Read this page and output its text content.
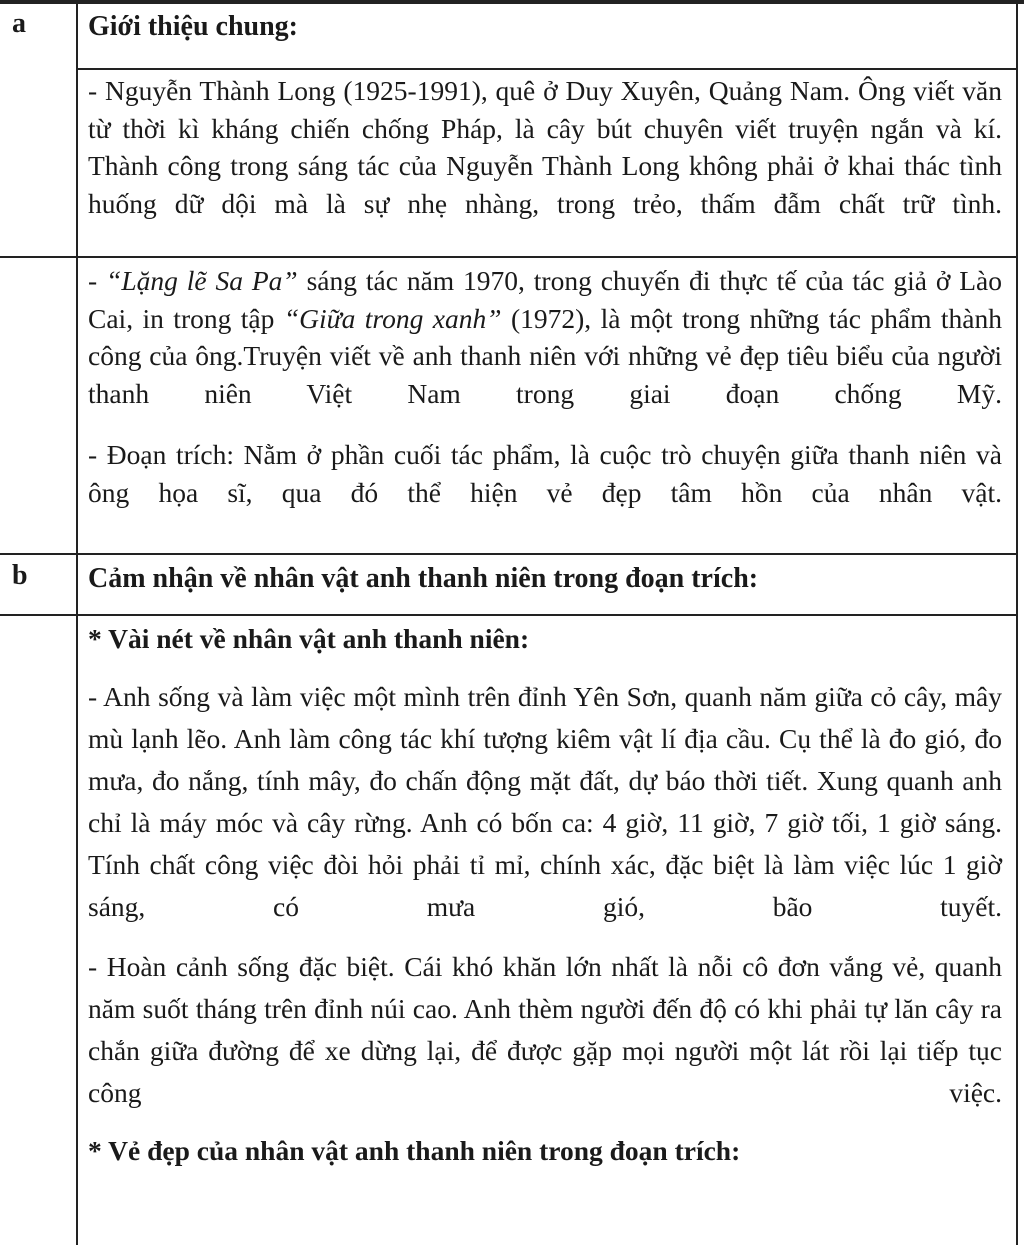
a	Giới thiệu chung:

- Nguyễn Thành Long (1925-1991), quê ở Duy Xuyên, Quảng Nam. Ông viết văn từ thời kì kháng chiến chống Pháp, là cây bút chuyên viết truyện ngắn và kí. Thành công trong sáng tác của Nguyễn Thành Long không phải ở khai thác tình huống dữ dội mà là sự nhẹ nhàng, trong trẻo, thấm đẫm chất trữ tình.

- “Lặng lẽ Sa Pa” sáng tác năm 1970, trong chuyến đi thực tế của tác giả ở Lào Cai, in trong tập “Giữa trong xanh” (1972), là một trong những tác phẩm thành công của ông.Truyện viết về anh thanh niên với những vẻ đẹp tiêu biểu của người thanh niên Việt Nam trong giai đoạn chống Mỹ.

- Đoạn trích: Nằm ở phần cuối tác phẩm, là cuộc trò chuyện giữa thanh niên và ông họa sĩ, qua đó thể hiện vẻ đẹp tâm hồn của nhân vật.

b	Cảm nhận về nhân vật anh thanh niên trong đoạn trích:

* Vài nét về nhân vật anh thanh niên:

- Anh sống và làm việc một mình trên đỉnh Yên Sơn, quanh năm giữa cỏ cây, mây mù lạnh lẽo. Anh làm công tác khí tượng kiêm vật lí địa cầu. Cụ thể là đo gió, đo mưa, đo nắng, tính mây, đo chấn động mặt đất, dự báo thời tiết. Xung quanh anh chỉ là máy móc và cây rừng. Anh có bốn ca: 4 giờ, 11 giờ, 7 giờ tối, 1 giờ sáng. Tính chất công việc đòi hỏi phải tỉ mỉ, chính xác, đặc biệt là làm việc lúc 1 giờ sáng, có mưa gió, bão tuyết.

- Hoàn cảnh sống đặc biệt. Cái khó khăn lớn nhất là nỗi cô đơn vắng vẻ, quanh năm suốt tháng trên đỉnh núi cao. Anh thèm người đến độ có khi phải tự lăn cây ra chắn giữa đường để xe dừng lại, để được gặp mọi người một lát rồi lại tiếp tục công việc.

* Vẻ đẹp của nhân vật anh thanh niên trong đoạn trích:
